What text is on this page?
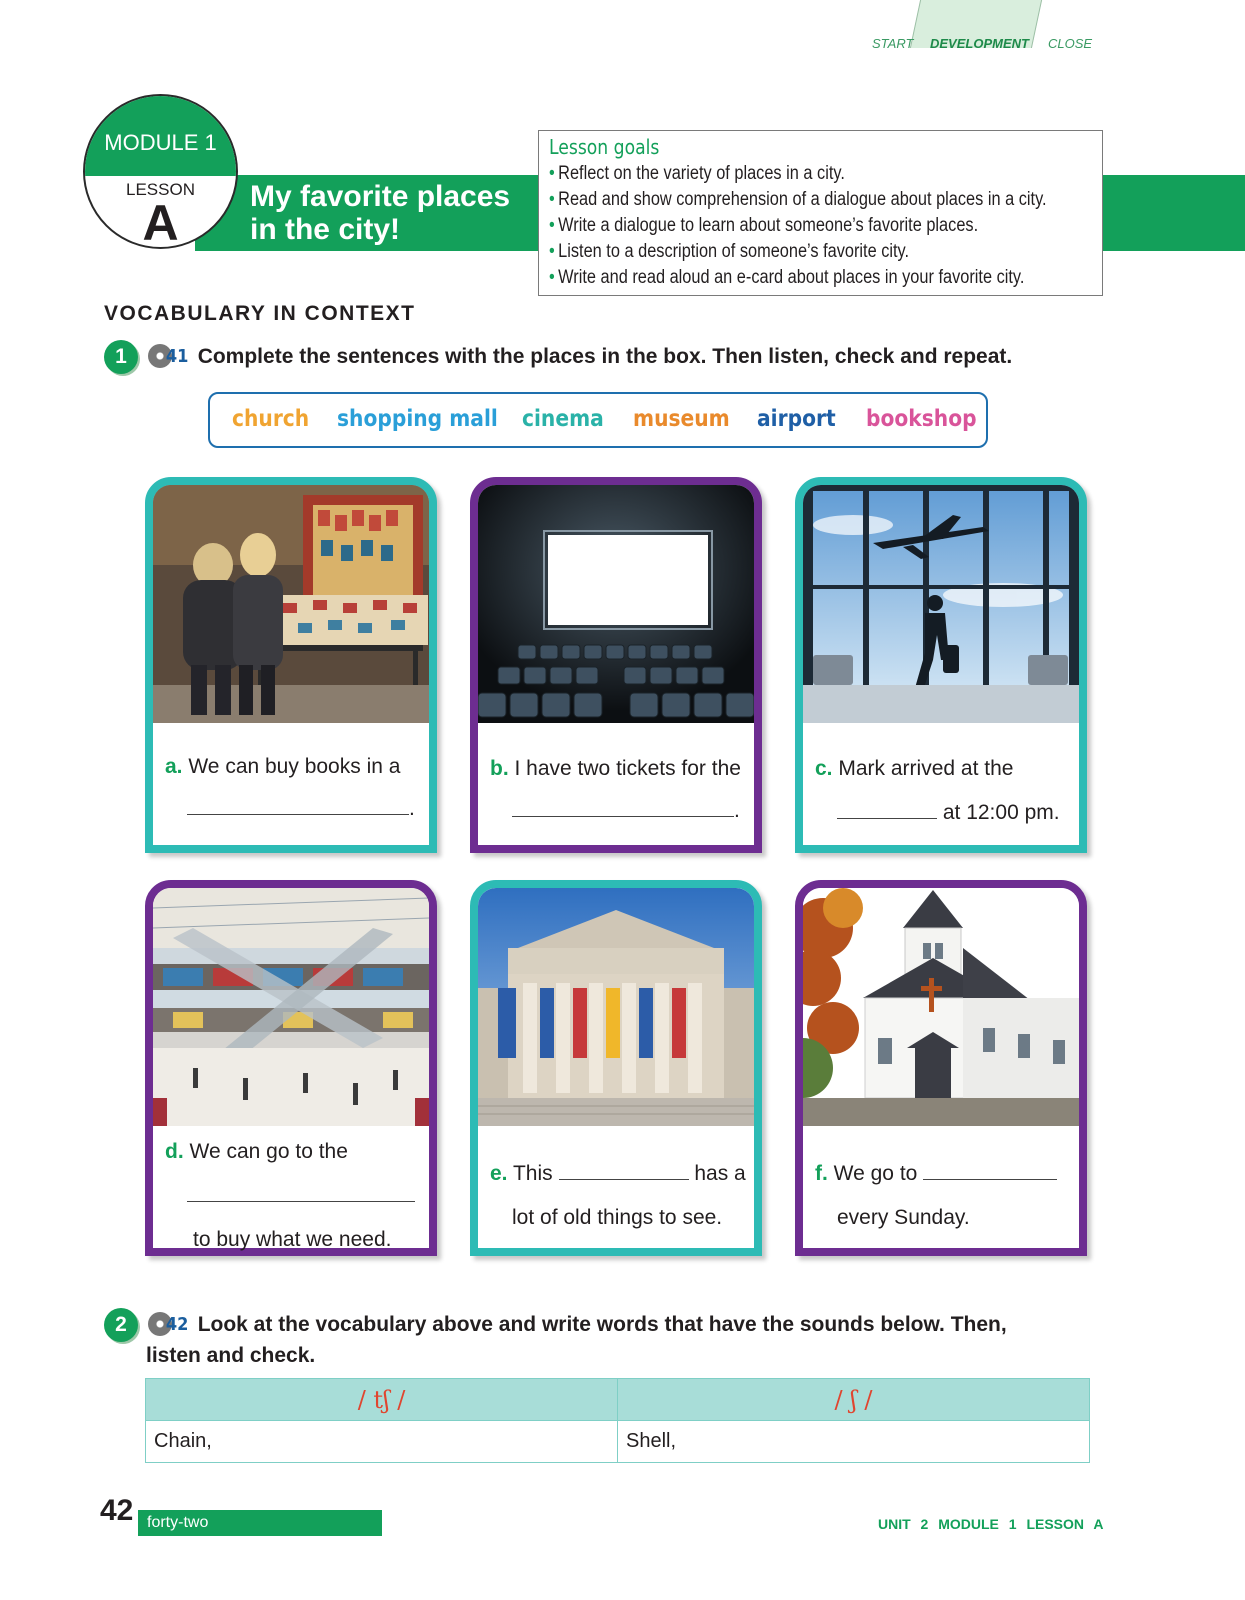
START DEVELOPMENT CLOSE
MODULE 1
LESSON
A	My favorite places
in the city!
Lesson goals
• Reflect on the variety of places in a city.
• Read and show comprehension of a dialogue about places in a city.
• Write a dialogue to learn about someone’s favorite places.
• Listen to a description of someone’s favorite city.
• Write and read aloud an e-card about places in your favorite city.
VOCABULARY IN CONTEXT
1 41 Complete the sentences with the places in the box. Then listen, check and repeat.
church shopping mall cinema museum airport bookshop
a. We can buy books in a
.
b. I have two tickets for the
.
c. Mark arrived at the
at 12:00 pm.
d. We can go to the
to buy what we need.
e. This	has a
lot of old things to see.
f. We go to
every Sunday.
2 42 Look at the vocabulary above and write words that have the sounds below. Then,
listen and check.
/ tʃ /	/ ʃ /
Chain,	Shell,
42 forty-two	UNIT 2 MODULE 1 LESSON A
